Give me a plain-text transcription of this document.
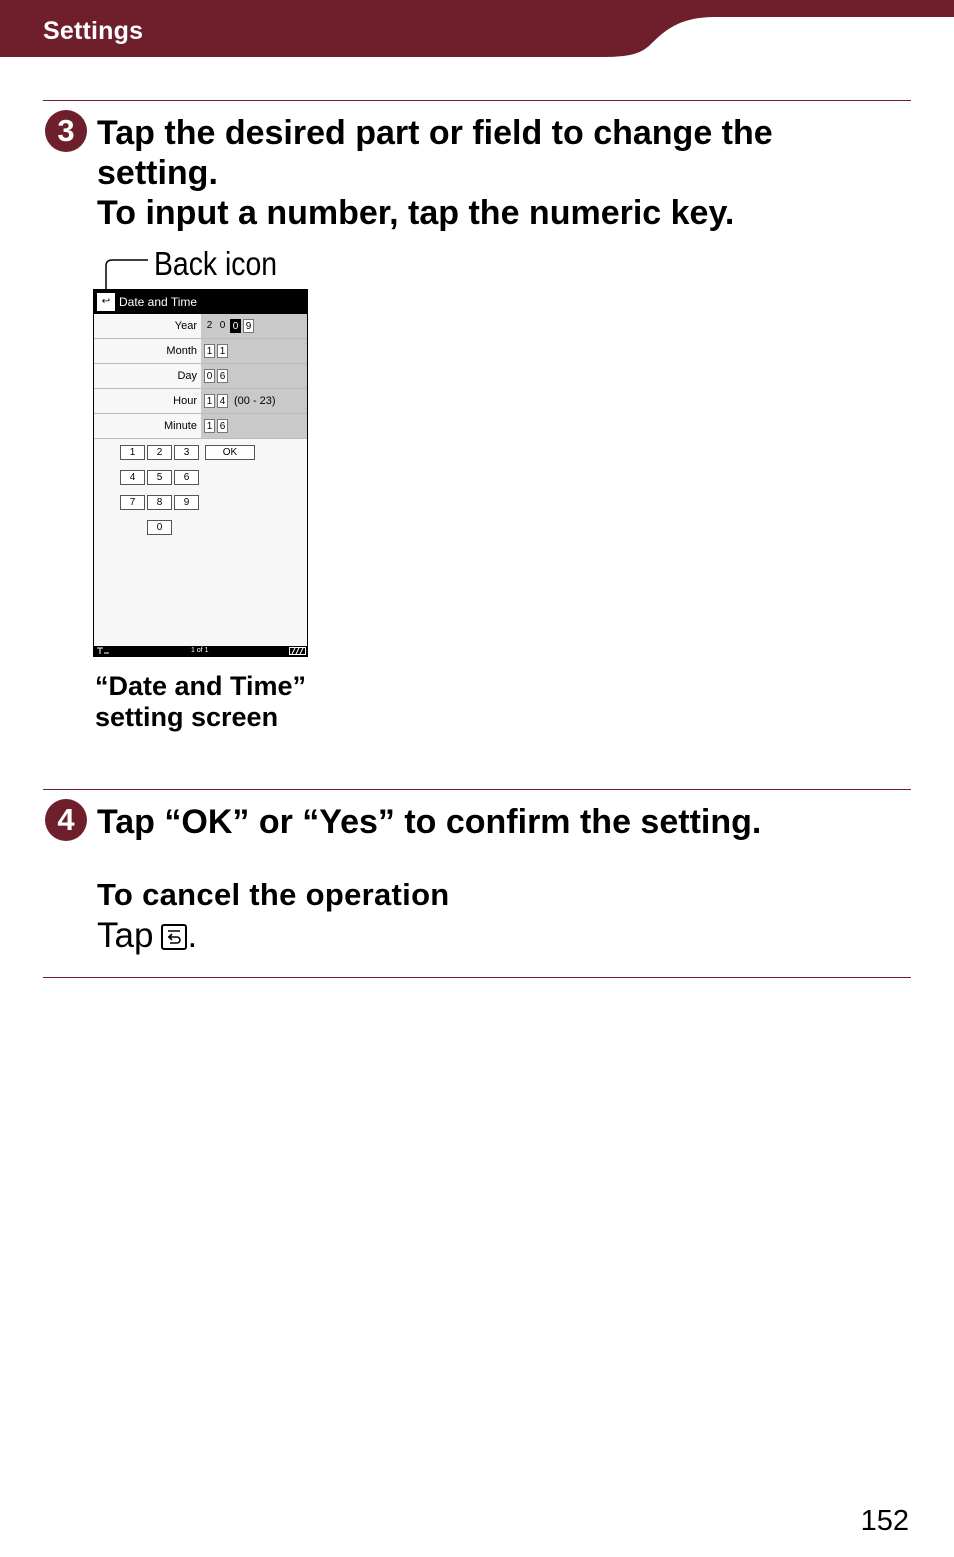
Settings
3 Tap the desired part or field to change the
setting.
To input a number, tap the numeric key.
Back icon
↩ Date and Time
Year 2 0 0 9
Month 1 1
Day 0 6
Hour 1 4 (00 - 23)
Minute 1 6
1	2	3	OK
4	5	6
7	8	9
0
1 of 1
“Date and Time”
setting screen
4 Tap “OK” or “Yes” to confirm the setting.
To cancel the operation
Tap .
152
